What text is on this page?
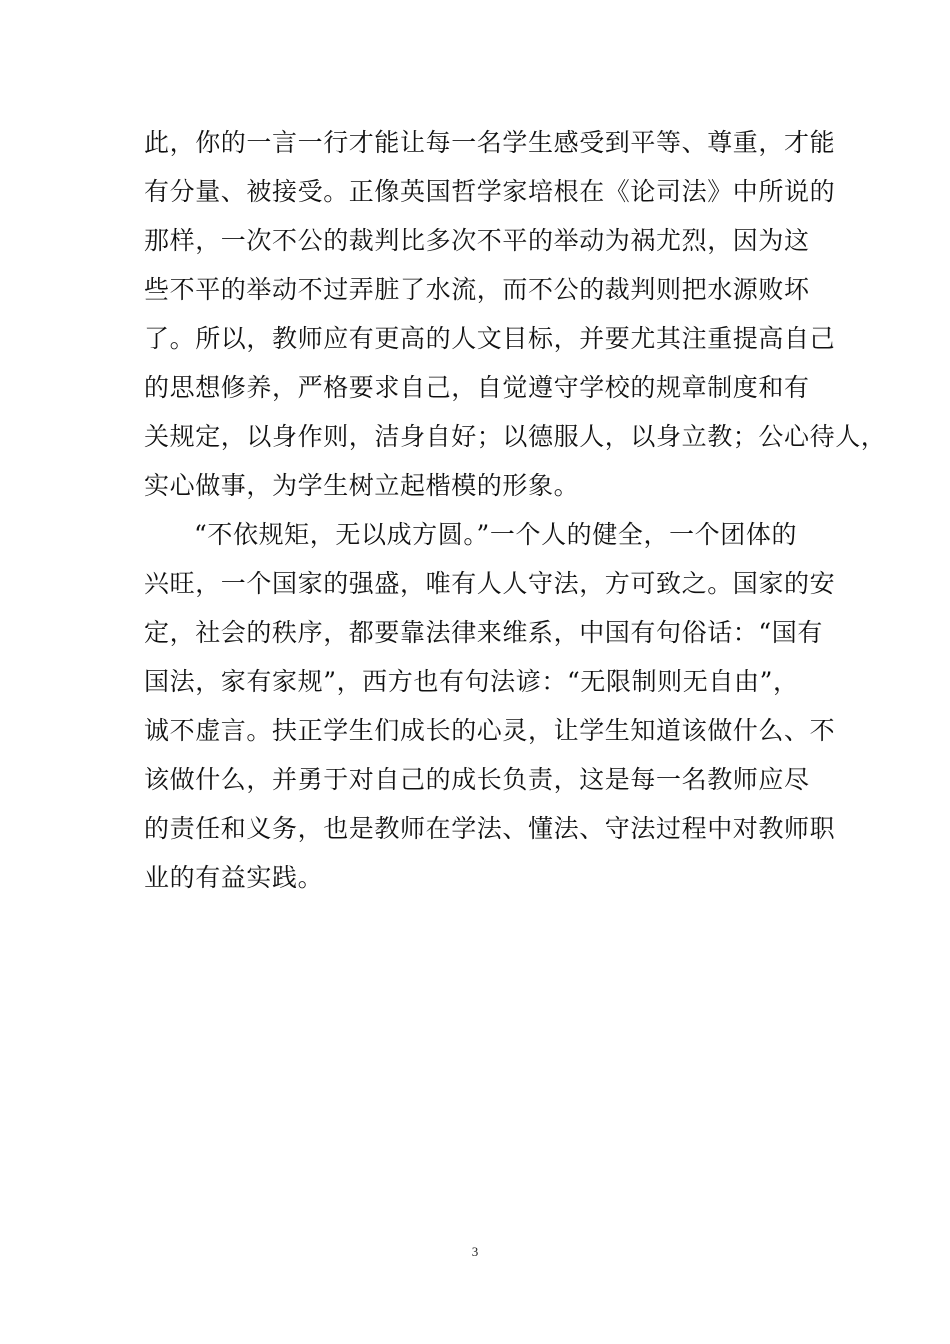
此，你的一言一行才能让每一名学生感受到平等、尊重，才能
有分量、被接受。正像英国哲学家培根在《论司法》中所说的
那样，一次不公的裁判比多次不平的举动为祸尤烈，因为这
些不平的举动不过弄脏了水流，而不公的裁判则把水源败坏
了。所以，教师应有更高的人文目标，并要尤其注重提高自己
的思想修养，严格要求自己，自觉遵守学校的规章制度和有
关规定，以身作则，洁身自好；以德服人，以身立教；公心待人，
实心做事，为学生树立起楷模的形象。
“不依规矩，无以成方圆。”一个人的健全，一个团体的
兴旺，一个国家的强盛，唯有人人守法，方可致之。国家的安
定，社会的秩序，都要靠法律来维系，中国有句俗话：“国有
国法，家有家规”，西方也有句法谚：“无限制则无自由”，
诚不虚言。扶正学生们成长的心灵，让学生知道该做什么、不
该做什么，并勇于对自己的成长负责，这是每一名教师应尽
的责任和义务，也是教师在学法、懂法、守法过程中对教师职
业的有益实践。
3
